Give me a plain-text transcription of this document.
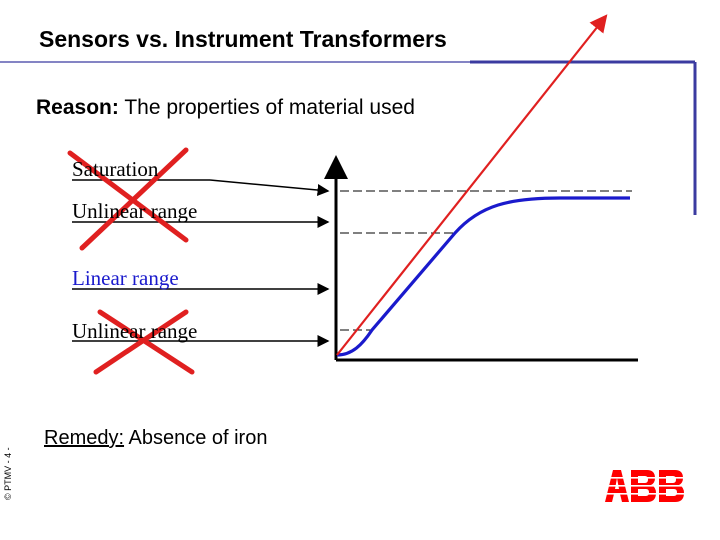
Sensors vs. Instrument Transformers
Reason: The properties of material used
Saturation
Unlinear range
Linear range
Unlinear range
Remedy: Absence of iron
© PTMV - 4 -
